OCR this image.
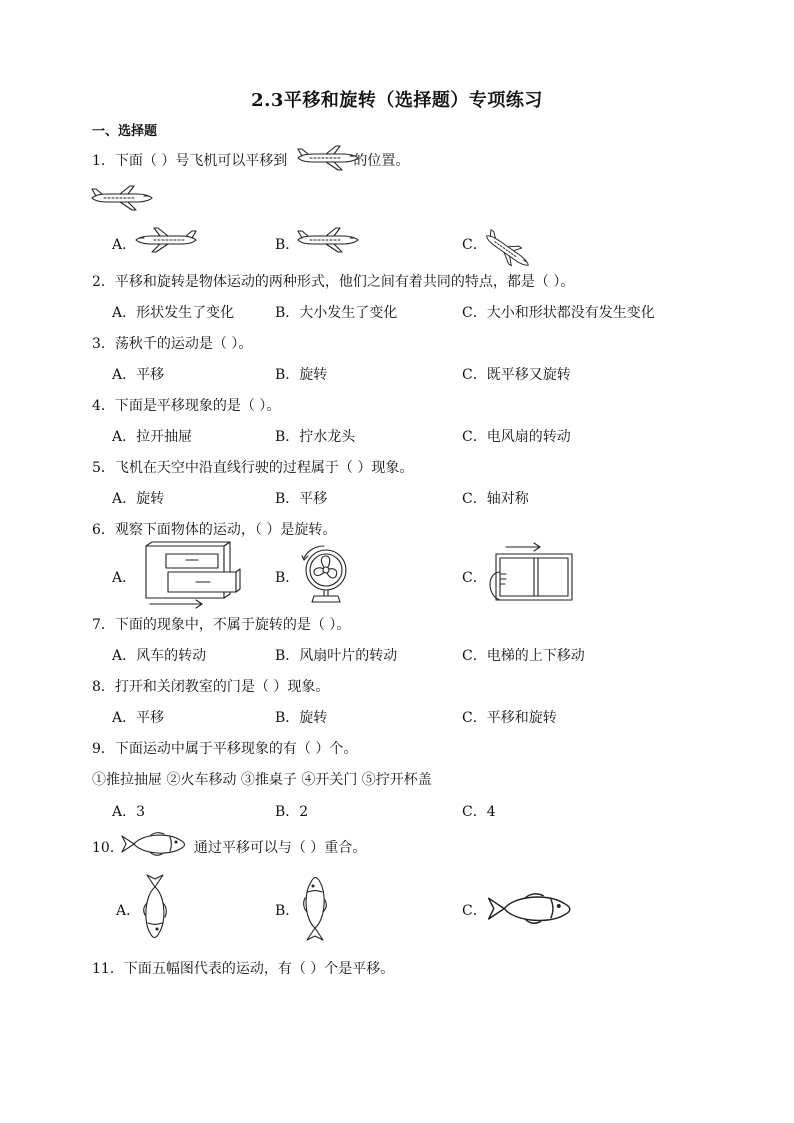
2.3平移和旋转（选择题）专项练习
一、选择题
1．下面（ ）号飞机可以平移到	的位置。
A．	B．	C．
2．平移和旋转是物体运动的两种形式，他们之间有着共同的特点，都是（ ）。
A．形状发生了变化	B．大小发生了变化	C．大小和形状都没有发生变化
3．荡秋千的运动是（ ）。
A．平移	B．旋转	C．既平移又旋转
4．下面是平移现象的是（ ）。
A．拉开抽屉	B．拧水龙头	C．电风扇的转动
5．飞机在天空中沿直线行驶的过程属于（ ）现象。
A．旋转	B．平移	C．轴对称
6．观察下面物体的运动，（ ）是旋转。
A．	B．	C．
7．下面的现象中，不属于旋转的是（ ）。
A．风车的转动	B．风扇叶片的转动	C．电梯的上下移动
8．打开和关闭教室的门是（ ）现象。
A．平移	B．旋转	C．平移和旋转
9．下面运动中属于平移现象的有（ ）个。
①推拉抽屉 ②火车移动 ③推桌子 ④开关门 ⑤拧开杯盖
A．3	B．2	C．4
10．	通过平移可以与（ ）重合。
A．	B．	C．
11．下面五幅图代表的运动，有（ ）个是平移。
